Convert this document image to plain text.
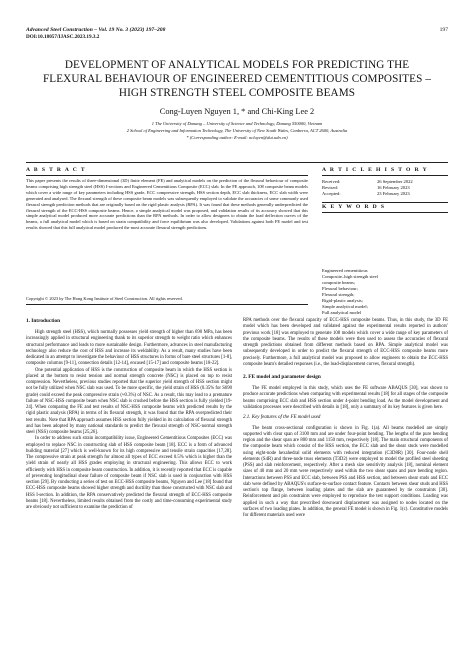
Advanced Steel Construction – Vol. 19 No. 3 (2023) 197–208
DOI:10.18057/IJASC.2023.19.3.2
197
DEVELOPMENT OF ANALYTICAL MODELS FOR PREDICTING THE FLEXURAL BEHAVIOUR OF ENGINEERED CEMENTITIOUS COMPOSITES – HIGH STRENGTH STEEL COMPOSITE BEAMS
Cong-Luyen Nguyen 1, * and Chi-King Lee 2
1 The University of Danang – University of Science and Technology, Danang 550000, Vietnam
2 School of Engineering and Information Technology, The University of New South Wales, Canberra, ACT 2600, Australia
* (Corresponding author: E-mail: ncluyen@dut.udn.vn)
A B S T R A C T	A R T I C L E H I S T O R Y
This paper presents the results of three-dimensional (3D) finite element (FE) and analytical models on the prediction of the flexural behaviour of composite beams comprising high strength steel (HSS) I-sections and Engineered Cementitious Composite (ECC) slab. In the FE approach, 108 composite beam models which cover a wide range of key parameters including HSS grade, ECC compressive strength, HSS section depth, ECC slab thickness, ECC slab width were generated and analysed. The flexural strength of these composite beam models was subsequently employed to validate the accuracies of some commonly used flexural strength prediction methods that are originally based on the rigid plastic analysis (RPA). It was found that these methods generally underpredicted the flexural strength of the ECC-HSS composite beams. Hence, a simple analytical model was proposed, and validation results of its accuracy showed that this simple analytical model produced more accurate predictions than the RPA methods. In order to allow designers to obtain the load deflection curves of the beams, a full analytical model which is based on strain compatibility and force equilibrium was also developed. Validations against both FE model and test results showed that this full analytical model produced the most accurate flexural strength predictions.
Received:	26 September 2022
Revised:	16 February 2023
Accepted:	23 February 2023
K E Y W O R D S
Engineered cementitious
Composite–high strength steel
composite beams;
Flexural behaviour;
Flexural strength;
Rigid-plastic analysis;
Simple analytical model;
Full analytical model
Copyright © 2023 by The Hong Kong Institute of Steel Construction. All rights reserved.
1. Introduction

High strength steel (HSS), which normally possesses yield strength of higher than 690 MPa, has been increasingly applied in structural engineering thank to its superior strength to weight ratio which enhances structural performance and leads to more sustainable design. Furthermore, advances in steel manufacturing technology also reduce the cost of HSS and increase its weldability. As a result, many studies have been dedicated in an attempt to investigate the behaviour of HSS structures in forms of bare steel structures [1-8], composite columns [9-11], connection details [12-14], encased [15-17] and composite beams [18-22].

One potential application of HSS is the construction of composite beam in which the HSS section is placed at the bottom to resist tension and normal strength concrete (NSC) is placed on top to resist compression. Nevertheless, previous studies reported that the superior yield strength of HSS section might not be fully utilized when NSC slab was used. To be more specific, the yield strain of HSS (0.35% for S690 grade) could exceed the peak compressive strain (≈0.3%) of NSC. As a result, this may lead to a premature failure of NSC-HSS composite beam when NSC slab is crushed before the HSS section is fully yielded [19-24]. When comparing the FE and test results of NSC-HSS composite beams with predicted results by the rigid plastic analysis (RPA) in terms of its flexural strength, it was found that the RPA overpredicted their test results. Note that RPA approach assumes HSS section fully yielded in its calculation of flexural strength and has been adopted by many national standards to predict the flexural strength of NSC-normal strength steel (NSS) composite beams [25,26].

In order to address such strain incompatibility issue, Engineered Cementitious Composites (ECC) was employed to replace NSC in constructing slab of HSS composite beam [18]. ECC is a form of advanced building material [27] which is well-known for its high compressive and tensile strain capacities [17,28]. The compressive strain at peak strength for almost all types of ECC exceed 0.5% which is higher than the yield strain of nearly all HSS grades employing in structural engineering. This allows ECC to work efficiently with HSS in composite beam construction. In addition, it is recently reported that ECC is capable of preventing longitudinal shear failure of composite beam if NSC slab is used in conjunction with HSS section [29]. By conducting a series of test on ECC-HSS composite beams, Nguyen and Lee [18] found that ECC-HSS composite beams showed higher strength and ductility than those constructed with NSC slab and HSS I-section. In addition, the RPA conservatively predicted the flexural strength of ECC-HSS composite beams [18]. Nevertheless, limited results obtained from the costly and time-consuming experimental study are obviously not sufficient to examine the prediction of

RPA methods over the flexural capacity of ECC-HSS composite beams. Thus, in this study, the 3D FE model which has been developed and validated against the experimental results reported in authors' previous work [18] was employed to generate 108 models which cover a wide range of key parameters of the composite beams. The results of these models were then used to assess the accuracies of flexural strength predictions obtained from different methods based on RPA. Simple analytical model was subsequently developed in order to predict the flexural strength of ECC-HSS composite beams more precisely. Furthermore, a full analytical model was proposed to allow engineers to obtain the ECC-HSS composite beam's detailed responses (i.e., the load-displacement curves, flexural strength).

2. FE model and parameter design

The FE model employed in this study, which uses the FE software ABAQUS [30], was shown to produce accurate predictions when comparing with experimental results [18] for all stages of the composite beams comprising ECC slab and HSS section under 4-point bending load. As the model development and validation processes were described with details in [18], only a summary of its key features is given here.

2.1. Key features of the FE model used

The beam cross-sectional configuration is shown in Fig. 1(a). All beams modelled are simply supported with clear span of 3100 mm and are under four-point bending. The lengths of the pure bending region and the shear span are 800 mm and 1150 mm, respectively [18]. The main structural components of the composite beam which consist of the HSS section, the ECC slab and the shear studs were modelled using eight-node hexahedral solid elements with reduced integration (C3D8R) [30]. Four-node shell elements (S4R) and three-node truss elements (T3D2) were employed to model the profiled steel sheeting (PSS) and slab reinforcement, respectively. After a mesh size sensitivity analysis [18], nominal element sizes of 40 mm and 20 mm were respectively used within the two shear spans and pure bending region. Interactions between PSS and ECC slab, between PSS and HSS section, and between shear studs and ECC slab were defined by ABAQUS's surface-to-surface contact feature. Contacts between shear studs and HSS section's top flange, between loading plates and the slab are guaranteed by tie constraints [30]. Reinforcement and pin constraints were employed to reproduce the test support conditions. Loading was applied in such a way that prescribed downward displacement was assigned to nodes located on the surfaces of two loading plates. In addition, the general FE model is shown in Fig. 1(c). Constitutive models for different materials used were
